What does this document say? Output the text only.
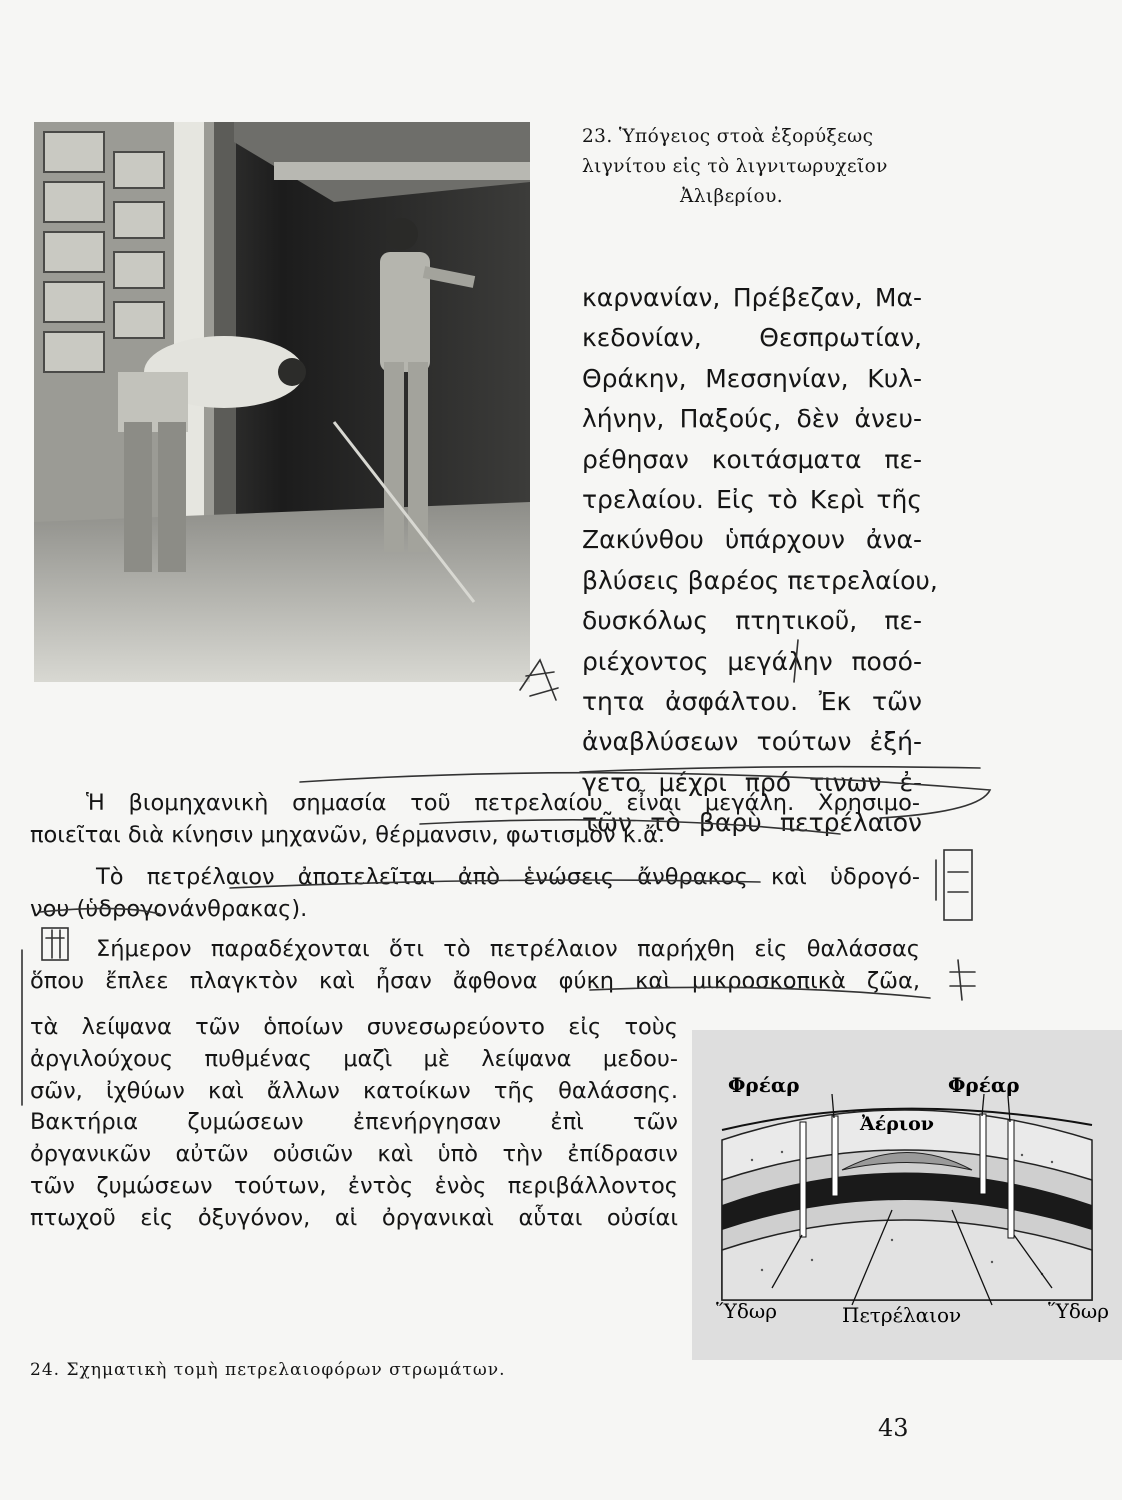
23. Ὑπόγειος στοὰ ἐξορύξεως
λιγνίτου εἰς τὸ λιγνιτωρυχεῖον
Ἀλιβερίου.
καρνανίαν, Πρέβεζαν, Μα-
κεδονίαν, Θεσπρωτίαν,
Θράκην, Μεσσηνίαν, Κυλ-
λήνην, Παξούς, δὲν ἀνευ-
ρέθησαν κοιτάσματα πε-
τρελαίου. Εἰς τὸ Κερὶ τῆς
Ζακύνθου ὑπάρχουν ἀνα-
βλύσεις βαρέος πετρελαίου,
δυσκόλως πτητικοῦ, πε-
ριέχοντος μεγάλην ποσό-
τητα ἀσφάλτου. Ἐκ τῶν
ἀναβλύσεων τούτων ἐξή-
γετο μέχρι πρό τινων ἐ-
τῶν τὸ βαρὺ πετρέλαιον
Ἡ βιομηχανικὴ σημασία τοῦ πετρελαίου εἶναι μεγάλη. Χρησιμο-
ποιεῖται διὰ κίνησιν μηχανῶν, θέρμανσιν, φωτισμὸν κ.ἄ.
Τὸ πετρέλαιον ἀποτελεῖται ἀπὸ ἑνώσεις ἄνθρακος καὶ ὑδρογό-
νου (ὑδρογονάνθρακας).
Σήμερον παραδέχονται ὅτι τὸ πετρέλαιον παρήχθη εἰς θαλάσσας
ὅπου ἔπλεε πλαγκτὸν καὶ ἦσαν ἄφθονα φύκη καὶ μικροσκοπικὰ ζῶα,
τὰ λείψανα τῶν ὁποίων συνεσωρεύοντο εἰς τοὺς
ἀργιλούχους πυθμένας μαζὶ μὲ λείψανα μεδου-
σῶν, ἰχθύων καὶ ἄλλων κατοίκων τῆς θαλάσσης.
Βακτήρια ζυμώσεων ἐπενήργησαν ἐπὶ τῶν
ὀργανικῶν αὐτῶν οὐσιῶν καὶ ὑπὸ τὴν ἐπίδρασιν
τῶν ζυμώσεων τούτων, ἐντὸς ἑνὸς περιβάλλοντος
πτωχοῦ εἰς ὀξυγόνον, αἱ ὀργανικαὶ αὗται οὐσίαι
Φρέαρ	Φρέαρ
Ἀέριον
Ὕδωρ	Πετρέλαιον	Ὕδωρ
24. Σχηματικὴ τομὴ πετρελαιοφόρων στρωμάτων.
43
